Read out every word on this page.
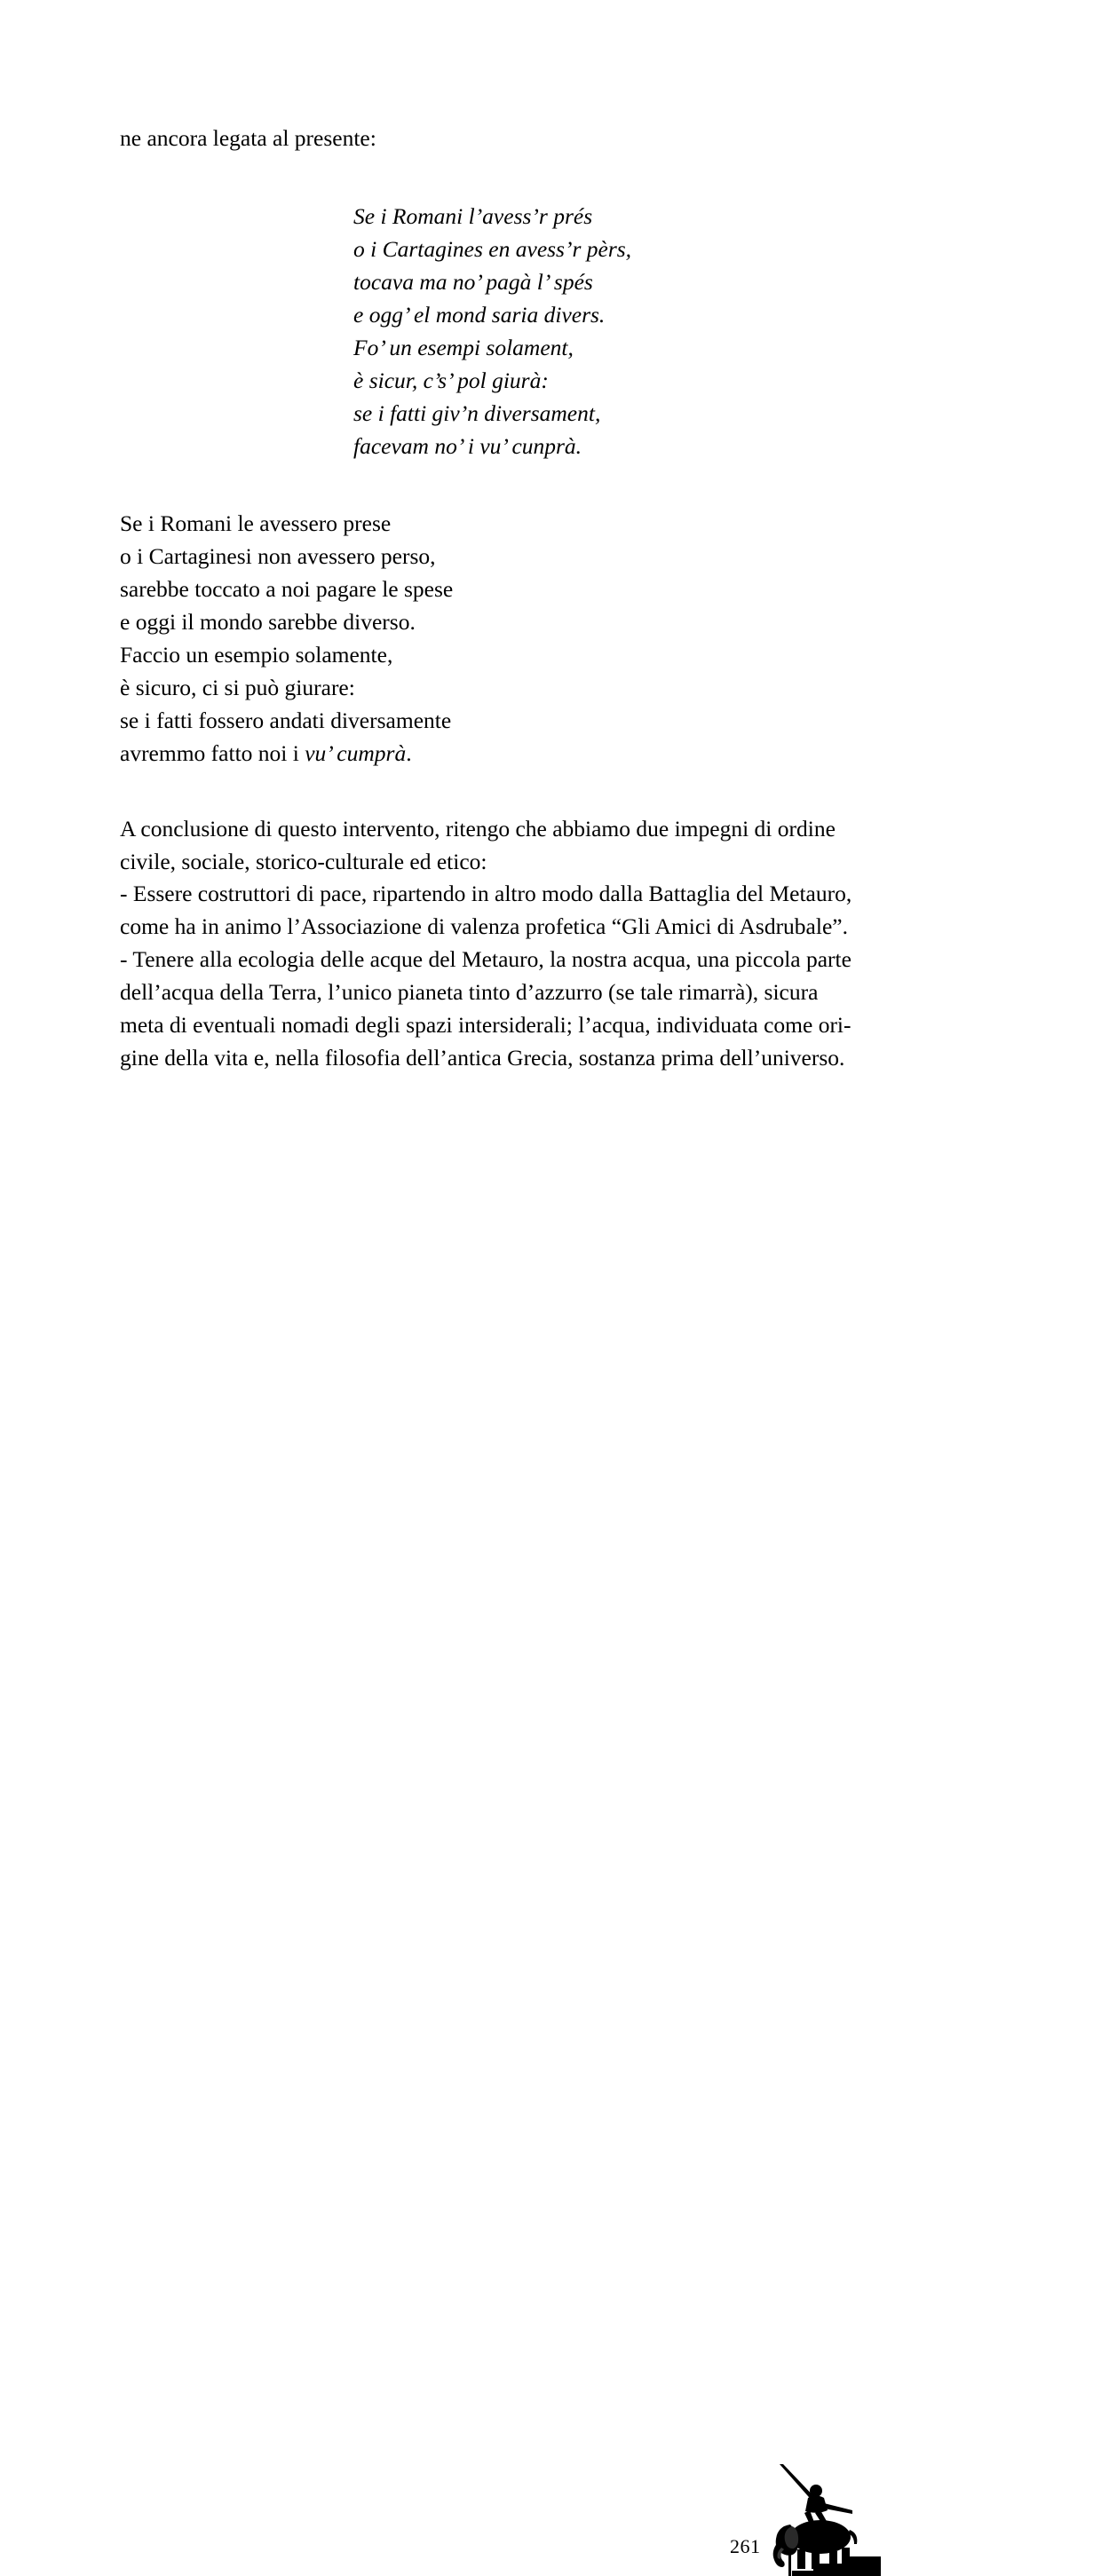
ne ancora legata al presente:

Se i Romani l’avess’r prés
o i Cartagines en avess’r pèrs,
tocava ma no’ pagà l’ spés
e ogg’ el mond saria divers.
Fo’ un esempi solament,
è sicur, c’s’ pol giurà:
se i fatti giv’n diversament,
facevam no’ i vu’ cunprà.
Se i Romani le avessero prese
o i Cartaginesi non avessero perso,
sarebbe toccato a noi pagare le spese
e oggi il mondo sarebbe diverso.
Faccio un esempio solamente,
è sicuro, ci si può giurare:
se i fatti fossero andati diversamente
avremmo fatto noi i vu’ cumprà.
A conclusione di questo intervento, ritengo che abbiamo due impegni di ordine
civile, sociale, storico-culturale ed etico:
- Essere costruttori di pace, ripartendo in altro modo dalla Battaglia del Metauro,
come ha in animo l’Associazione di valenza profetica “Gli Amici di Asdrubale”.
- Tenere alla ecologia delle acque del Metauro, la nostra acqua, una piccola parte
dell’acqua della Terra, l’unico pianeta tinto d’azzurro (se tale rimarrà), sicura
meta di eventuali nomadi degli spazi intersiderali; l’acqua, individuata come ori-
gine della vita e, nella filosofia dell’antica Grecia, sostanza prima dell’universo.
261
